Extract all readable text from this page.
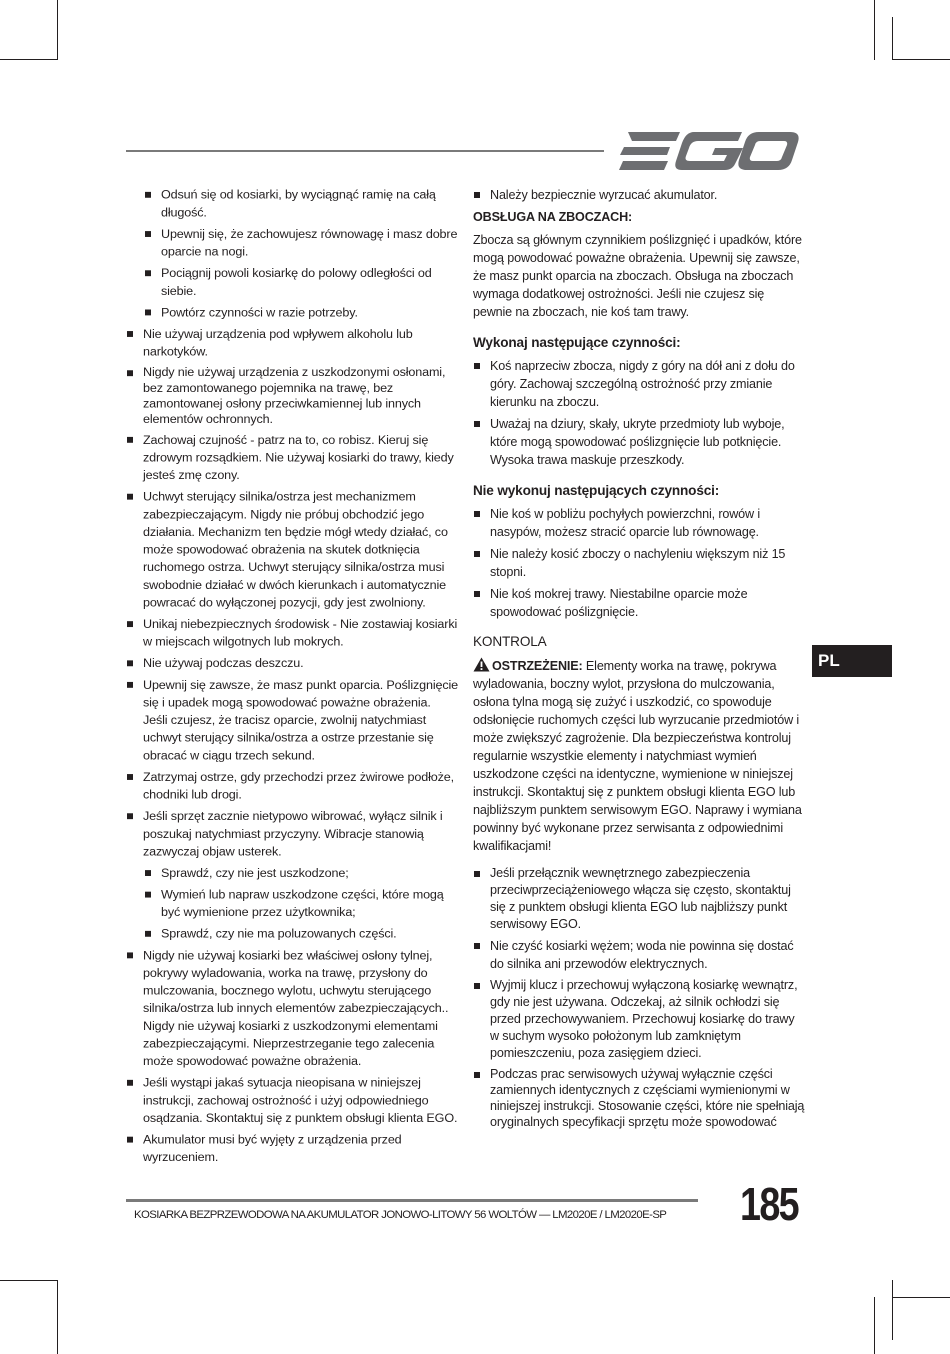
Odsuń się od kosiarki, by wyciągnąć ramię na całą długość.
Upewnij się, że zachowujesz równowagę i masz dobre oparcie na nogi.
Pociągnij powoli kosiarkę do polowy odległości od siebie.
Powtórz czynności w razie potrzeby.
Nie używaj urządzenia pod wpływem alkoholu lub narkotyków.
Nigdy nie używaj urządzenia z uszkodzonymi osłonami, bez zamontowanego pojemnika na trawę, bez zamontowanej osłony przeciwkamiennej lub innych elementów ochronnych.
Zachowaj czujność - patrz na to, co robisz. Kieruj się zdrowym rozsądkiem. Nie używaj kosiarki do trawy, kiedy jesteś zmę czony.
Uchwyt sterujący silnika/ostrza jest mechanizmem zabezpieczającym. Nigdy nie próbuj obchodzić jego działania. Mechanizm ten będzie mógł wtedy działać, co może spowodować obrażenia na skutek dotknięcia ruchomego ostrza. Uchwyt sterujący silnika/ostrza musi swobodnie działać w dwóch kierunkach i automatycznie powracać do wyłączonej pozycji, gdy jest zwolniony.
Unikaj niebezpiecznych środowisk - Nie zostawiaj kosiarki w miejscach wilgotnych lub mokrych.
Nie używaj podczas deszczu.
Upewnij się zawsze, że masz punkt oparcia. Poślizgnięcie się i upadek mogą spowodować poważne obrażenia. Jeśli czujesz, że tracisz oparcie, zwolnij natychmiast uchwyt sterujący silnika/ostrza a ostrze przestanie się obracać w ciągu trzech sekund.
Zatrzymaj ostrze, gdy przechodzi przez żwirowe podłoże, chodniki lub drogi.
Jeśli sprzęt zacznie nietypowo wibrować, wyłącz silnik i poszukaj natychmiast przyczyny. Wibracje stanowią zazwyczaj objaw usterek.
Sprawdź, czy nie jest uszkodzone;
Wymień lub napraw uszkodzone części, które mogą być wymienione przez użytkownika;
Sprawdź, czy nie ma poluzowanych części.
Nigdy nie używaj kosiarki bez właściwej osłony tylnej, pokrywy wyladowania, worka na trawę, przysłony do mulczowania, bocznego wylotu, uchwytu sterującego silnika/ostrza lub innych elementów zabezpieczających.. Nigdy nie używaj kosiarki z uszkodzonymi elementami zabezpieczającymi. Nieprzestrzeganie tego zalecenia może spowodować poważne obrażenia.
Jeśli wystąpi jakaś sytuacja nieopisana w niniejszej instrukcji, zachowaj ostrożność i użyj odpowiedniego osądzania. Skontaktuj się z punktem obsługi klienta EGO.
Akumulator musi być wyjęty z urządzenia przed wyrzuceniem.
Należy bezpiecznie wyrzucać akumulator.
OBSŁUGA NA ZBOCZACH:

Zbocza są głównym czynnikiem poślizgnięć i upadków, które mogą powodować poważne obrażenia. Upewnij się zawsze, że masz punkt oparcia na zboczach. Obsługa na zboczach wymaga dodatkowej ostrożności. Jeśli nie czujesz się pewnie na zboczach, nie koś tam trawy.

Wykonaj następujące czynności:
Koś naprzeciw zbocza, nigdy z góry na dół ani z dołu do góry. Zachowaj szczególną ostrożność przy zmianie kierunku na zboczu.
Uważaj na dziury, skały, ukryte przedmioty lub wyboje, które mogą spowodować poślizgnięcie lub potknięcie. Wysoka trawa maskuje przeszkody.
Nie wykonuj następujących czynności:
Nie koś w pobliżu pochyłych powierzchni, rowów i nasypów, możesz stracić oparcie lub równowagę.
Nie należy kosić zboczy o nachyleniu większym niż 15 stopni.
Nie koś mokrej trawy. Niestabilne oparcie może spowodować poślizgnięcie.
KONTROLA

OSTRZEŻENIE: Elementy worka na trawę, pokrywa wyladowania, boczny wylot, przysłona do mulczowania, osłona tylna mogą się zużyć i uszkodzić, co spowoduje odsłonięcie ruchomych części lub wyrzucanie przedmiotów i może zwiększyć zagrożenie. Dla bezpieczeństwa kontroluj regularnie wszystkie elementy i natychmiast wymień uszkodzone części na identyczne, wymienione w niniejszej instrukcji. Skontaktuj się z punktem obsługi klienta EGO lub najbliższym punktem serwisowym EGO. Naprawy i wymiana powinny być wykonane przez serwisanta z odpowiednimi kwalifikacjami!

Jeśli przełącznik wewnętrznego zabezpieczenia przeciwprzeciążeniowego włącza się często, skontaktuj się z punktem obsługi klienta EGO lub najbliższy punkt serwisowy EGO.
Nie czyść kosiarki wężem; woda nie powinna się dostać do silnika ani przewodów elektrycznych.
Wyjmij klucz i przechowuj wyłączoną kosiarkę wewnątrz, gdy nie jest używana. Odczekaj, aż silnik ochłodzi się przed przechowywaniem. Przechowuj kosiarkę do trawy w suchym wysoko położonym lub zamkniętym pomieszczeniu, poza zasięgiem dzieci.
Podczas prac serwisowych używaj wyłącznie części zamiennych identycznych z częściami wymienionymi w niniejszej instrukcji. Stosowanie części, które nie spełniają oryginalnych specyfikacji sprzętu może spowodować
PL
KOSIARKA BEZPRZEWODOWA NA AKUMULATOR JONOWO-LITOWY 56 WOLTÓW — LM2020E / LM2020E-SP 185
